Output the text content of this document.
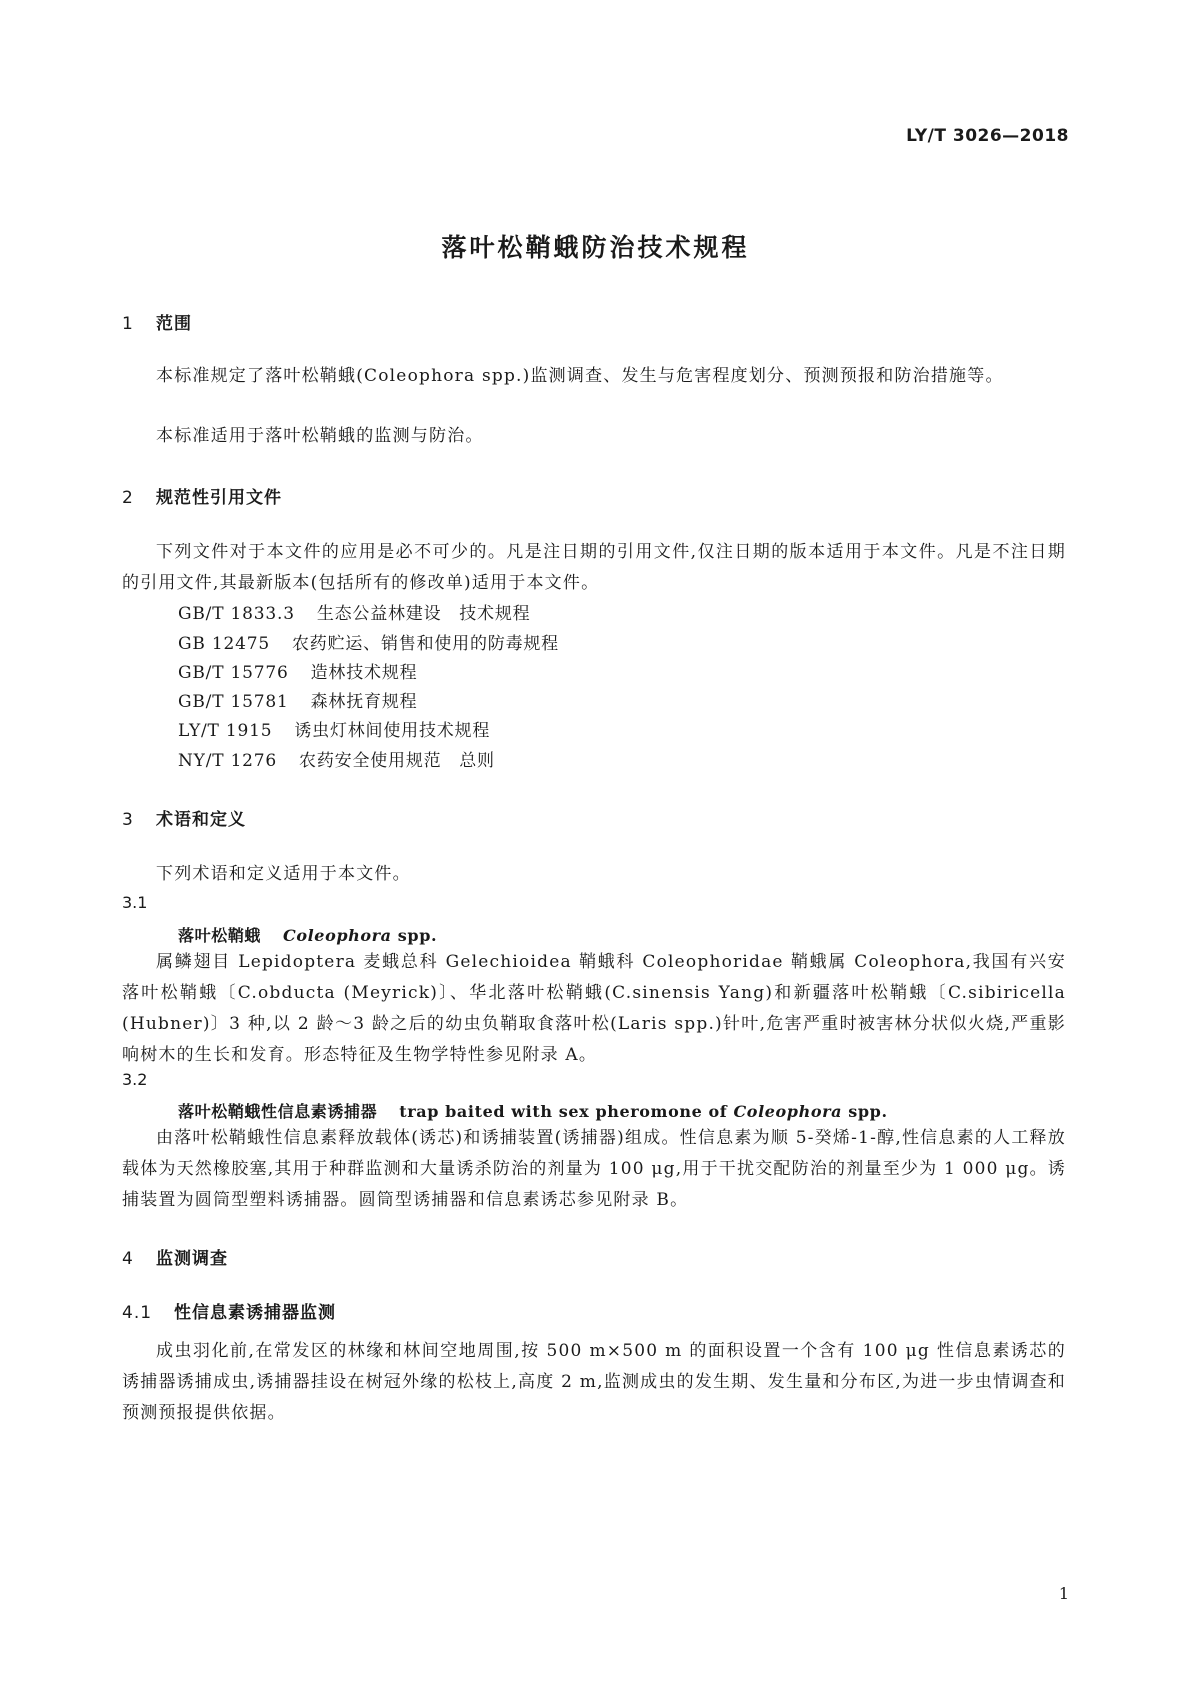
LY/T 3026—2018
落叶松鞘蛾防治技术规程
1 范围

本标准规定了落叶松鞘蛾(Coleophora spp.)监测调查、发生与危害程度划分、预测预报和防治措施等。

本标准适用于落叶松鞘蛾的监测与防治。

2 规范性引用文件

下列文件对于本文件的应用是必不可少的。凡是注日期的引用文件,仅注日期的版本适用于本文件。凡是不注日期的引用文件,其最新版本(包括所有的修改单)适用于本文件。

GB/T 1833.3 生态公益林建设　技术规程
GB 12475 农药贮运、销售和使用的防毒规程
GB/T 15776 造林技术规程
GB/T 15781 森林抚育规程
LY/T 1915 诱虫灯林间使用技术规程
NY/T 1276 农药安全使用规范　总则
3 术语和定义

下列术语和定义适用于本文件。

3.1
落叶松鞘蛾 Coleophora spp.

属鳞翅目 Lepidoptera 麦蛾总科 Gelechioidea 鞘蛾科 Coleophoridae 鞘蛾属 Coleophora,我国有兴安落叶松鞘蛾〔C.obducta (Meyrick)〕、华北落叶松鞘蛾(C.sinensis Yang)和新疆落叶松鞘蛾〔C.sibiricella (Hubner)〕3 种,以 2 龄～3 龄之后的幼虫负鞘取食落叶松(Laris spp.)针叶,危害严重时被害林分状似火烧,严重影响树木的生长和发育。形态特征及生物学特性参见附录 A。

3.2
落叶松鞘蛾性信息素诱捕器 trap baited with sex pheromone of Coleophora spp.

由落叶松鞘蛾性信息素释放载体(诱芯)和诱捕装置(诱捕器)组成。性信息素为顺 5-癸烯-1-醇,性信息素的人工释放载体为天然橡胶塞,其用于种群监测和大量诱杀防治的剂量为 100 μg,用于干扰交配防治的剂量至少为 1 000 μg。诱捕装置为圆筒型塑料诱捕器。圆筒型诱捕器和信息素诱芯参见附录 B。

4 监测调查
4.1 性信息素诱捕器监测

成虫羽化前,在常发区的林缘和林间空地周围,按 500 m×500 m 的面积设置一个含有 100 μg 性信息素诱芯的诱捕器诱捕成虫,诱捕器挂设在树冠外缘的松枝上,高度 2 m,监测成虫的发生期、发生量和分布区,为进一步虫情调查和预测预报提供依据。

1
